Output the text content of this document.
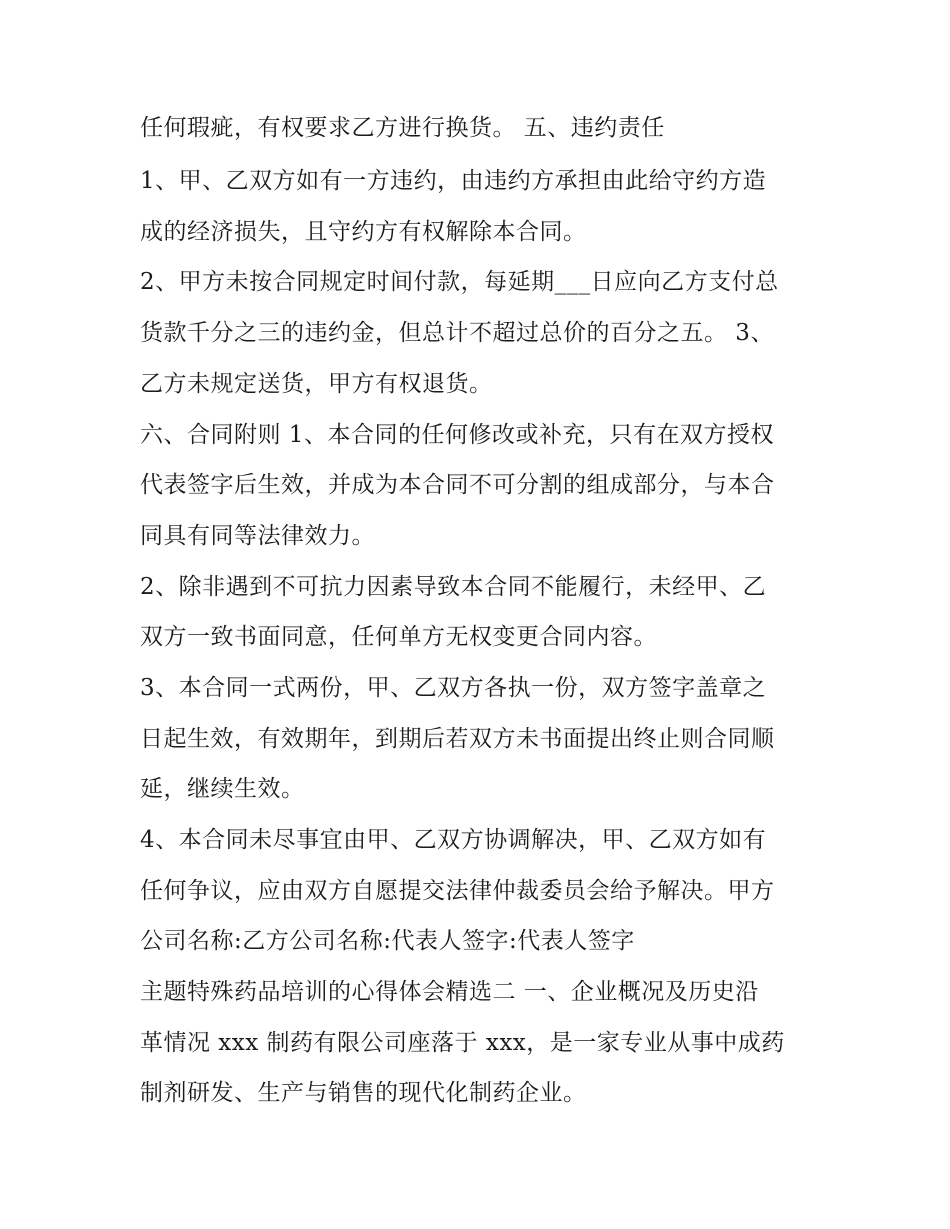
任何瑕疵，有权要求乙方进行换货。 五、违约责任
1、甲、乙双方如有一方违约，由违约方承担由此给守约方造
成的经济损失，且守约方有权解除本合同。
2、甲方未按合同规定时间付款，每延期___日应向乙方支付总
货款千分之三的违约金，但总计不超过总价的百分之五。 3、
乙方未规定送货，甲方有权退货。
六、合同附则 1、本合同的任何修改或补充，只有在双方授权
代表签字后生效，并成为本合同不可分割的组成部分，与本合
同具有同等法律效力。
2、除非遇到不可抗力因素导致本合同不能履行，未经甲、乙
双方一致书面同意，任何单方无权变更合同内容。
3、本合同一式两份，甲、乙双方各执一份，双方签字盖章之
日起生效，有效期年，到期后若双方未书面提出终止则合同顺
延，继续生效。
4、本合同未尽事宜由甲、乙双方协调解决，甲、乙双方如有
任何争议，应由双方自愿提交法律仲裁委员会给予解决。甲方
公司名称:乙方公司名称:代表人签字:代表人签字
主题特殊药品培训的心得体会精选二 一、企业概况及历史沿
革情况 xxx 制药有限公司座落于 xxx，是一家专业从事中成药
制剂研发、生产与销售的现代化制药企业。
